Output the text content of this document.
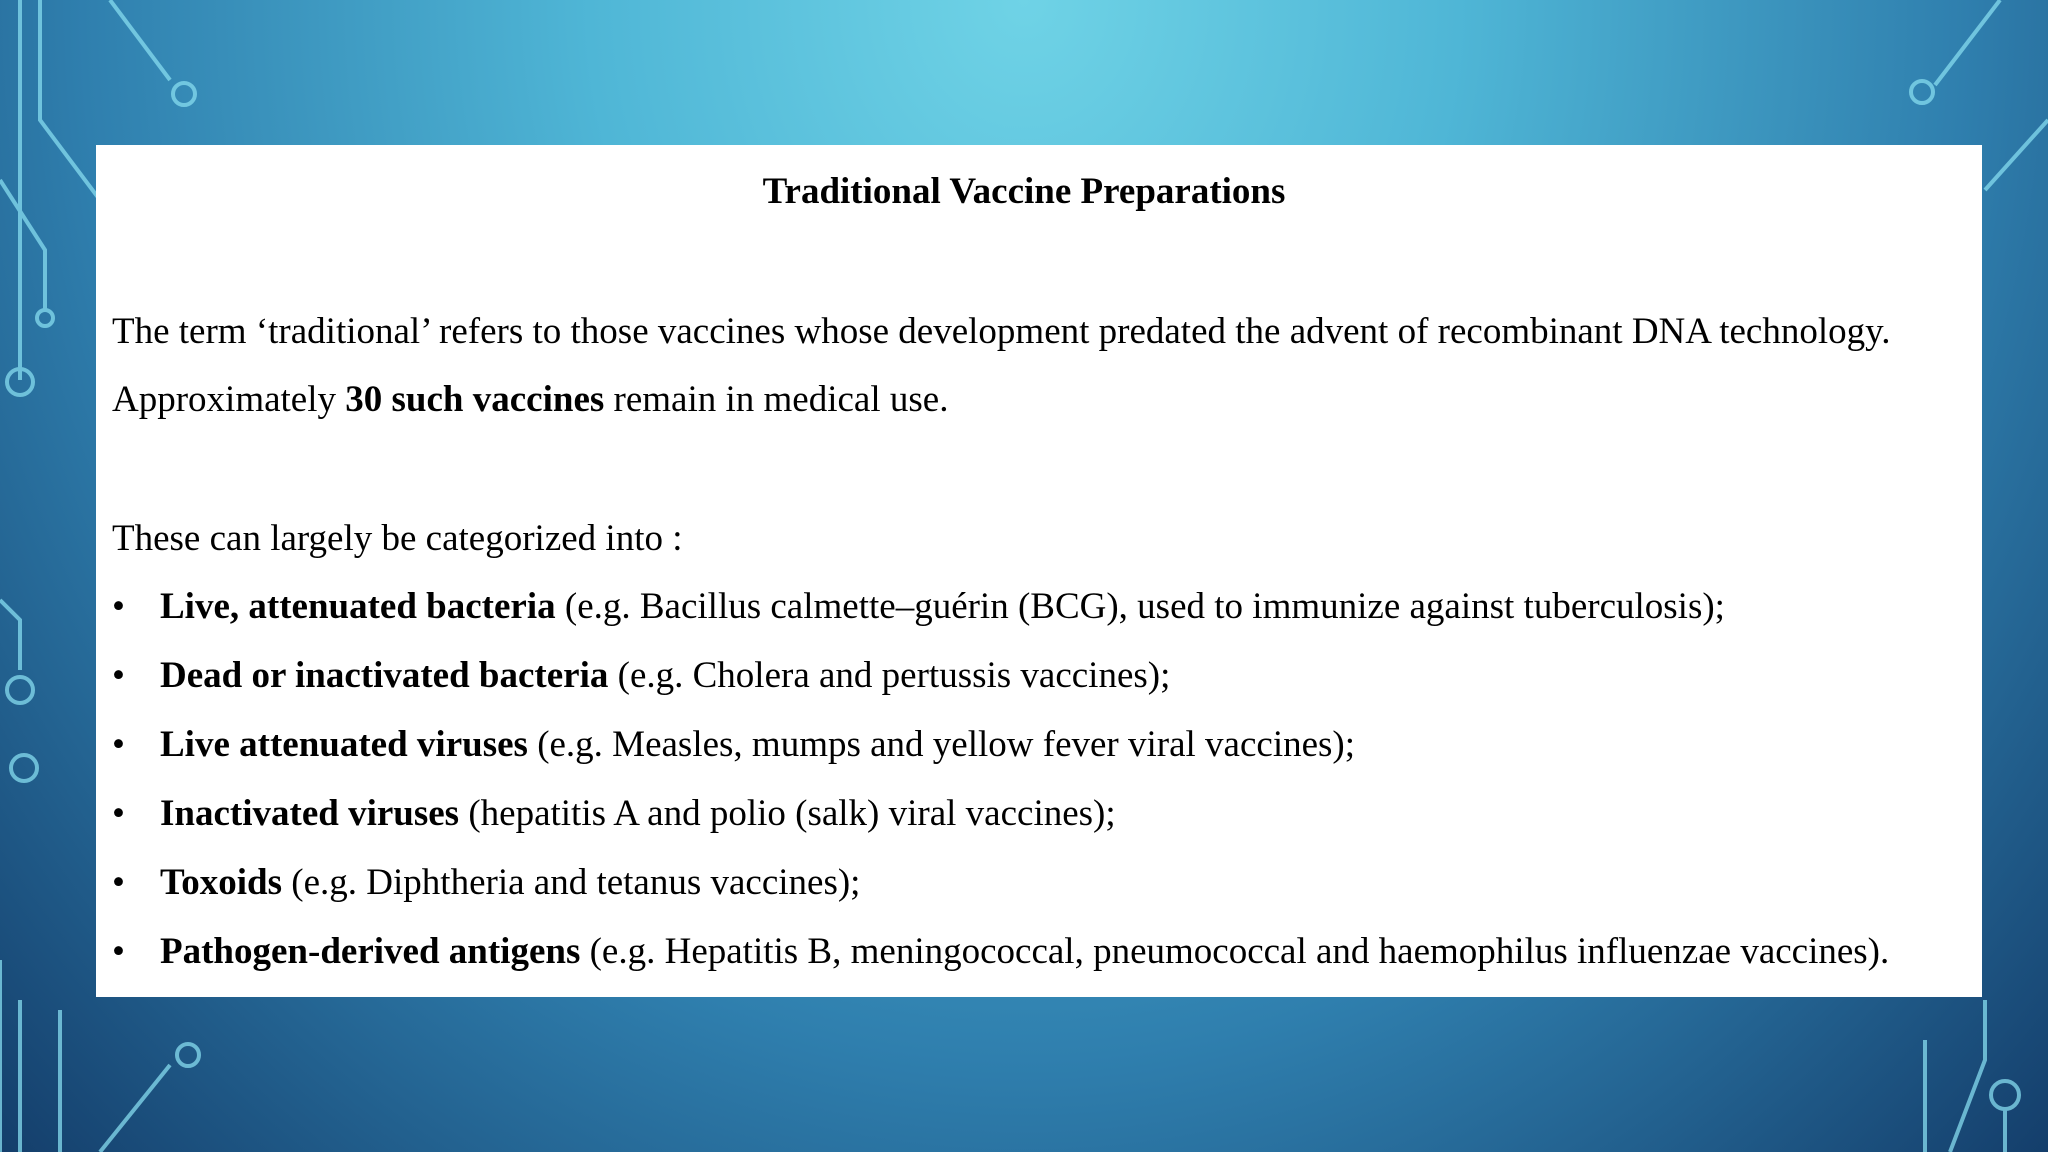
Traditional Vaccine Preparations
The term ‘traditional’ refers to those vaccines whose development predated the advent of recombinant DNA technology.
Approximately 30 such vaccines remain in medical use.
These can largely be categorized into :
• Live, attenuated bacteria (e.g. Bacillus calmette–guérin (BCG), used to immunize against tuberculosis);
• Dead or inactivated bacteria (e.g. Cholera and pertussis vaccines);
• Live attenuated viruses (e.g. Measles, mumps and yellow fever viral vaccines);
• Inactivated viruses (hepatitis A and polio (salk) viral vaccines);
• Toxoids (e.g. Diphtheria and tetanus vaccines);
• Pathogen-derived antigens (e.g. Hepatitis B, meningococcal, pneumococcal and haemophilus influenzae vaccines).
